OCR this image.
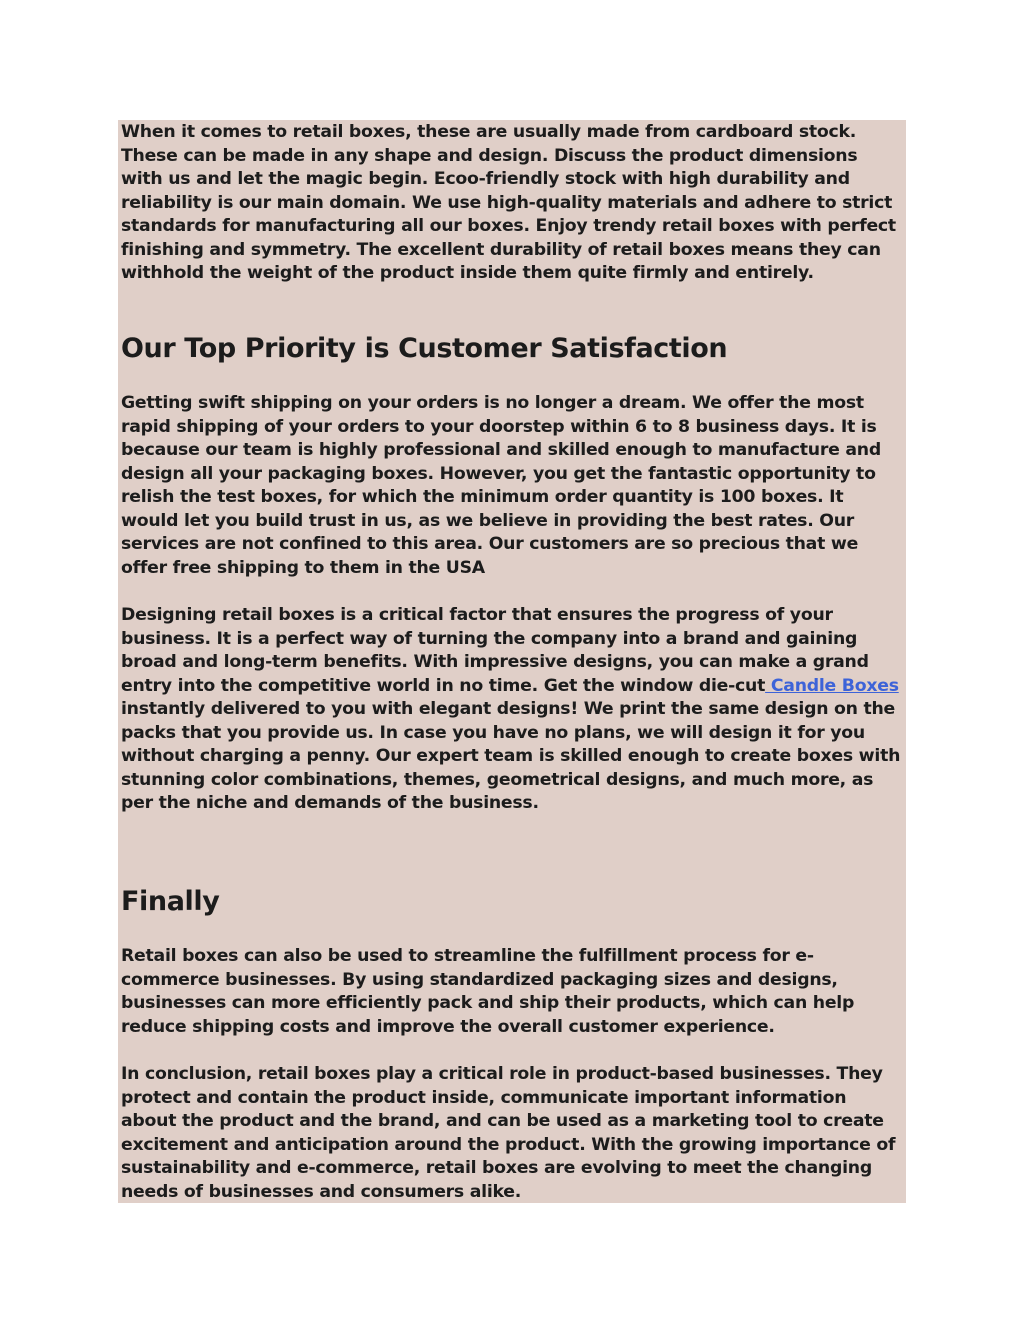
When it comes to retail boxes, these are usually made from cardboard stock. These can be made in any shape and design. Discuss the product dimensions with us and let the magic begin. Ecoo-friendly stock with high durability and reliability is our main domain. We use high-quality materials and adhere to strict standards for manufacturing all our boxes. Enjoy trendy retail boxes with perfect finishing and symmetry. The excellent durability of retail boxes means they can withhold the weight of the product inside them quite firmly and entirely.

Our Top Priority is Customer Satisfaction

Getting swift shipping on your orders is no longer a dream. We offer the most rapid shipping of your orders to your doorstep within 6 to 8 business days. It is because our team is highly professional and skilled enough to manufacture and design all your packaging boxes. However, you get the fantastic opportunity to relish the test boxes, for which the minimum order quantity is 100 boxes. It would let you build trust in us, as we believe in providing the best rates. Our services are not confined to this area. Our customers are so precious that we offer free shipping to them in the USA

Designing retail boxes is a critical factor that ensures the progress of your business. It is a perfect way of turning the company into a brand and gaining broad and long-term benefits. With impressive designs, you can make a grand entry into the competitive world in no time. Get the window die-cut Candle Boxes instantly delivered to you with elegant designs! We print the same design on the packs that you provide us. In case you have no plans, we will design it for you without charging a penny. Our expert team is skilled enough to create boxes with stunning color combinations, themes, geometrical designs, and much more, as per the niche and demands of the business.

Finally

Retail boxes can also be used to streamline the fulfillment process for e-commerce businesses. By using standardized packaging sizes and designs, businesses can more efficiently pack and ship their products, which can help reduce shipping costs and improve the overall customer experience.

In conclusion, retail boxes play a critical role in product-based businesses. They protect and contain the product inside, communicate important information about the product and the brand, and can be used as a marketing tool to create excitement and anticipation around the product. With the growing importance of sustainability and e-commerce, retail boxes are evolving to meet the changing needs of businesses and consumers alike.
